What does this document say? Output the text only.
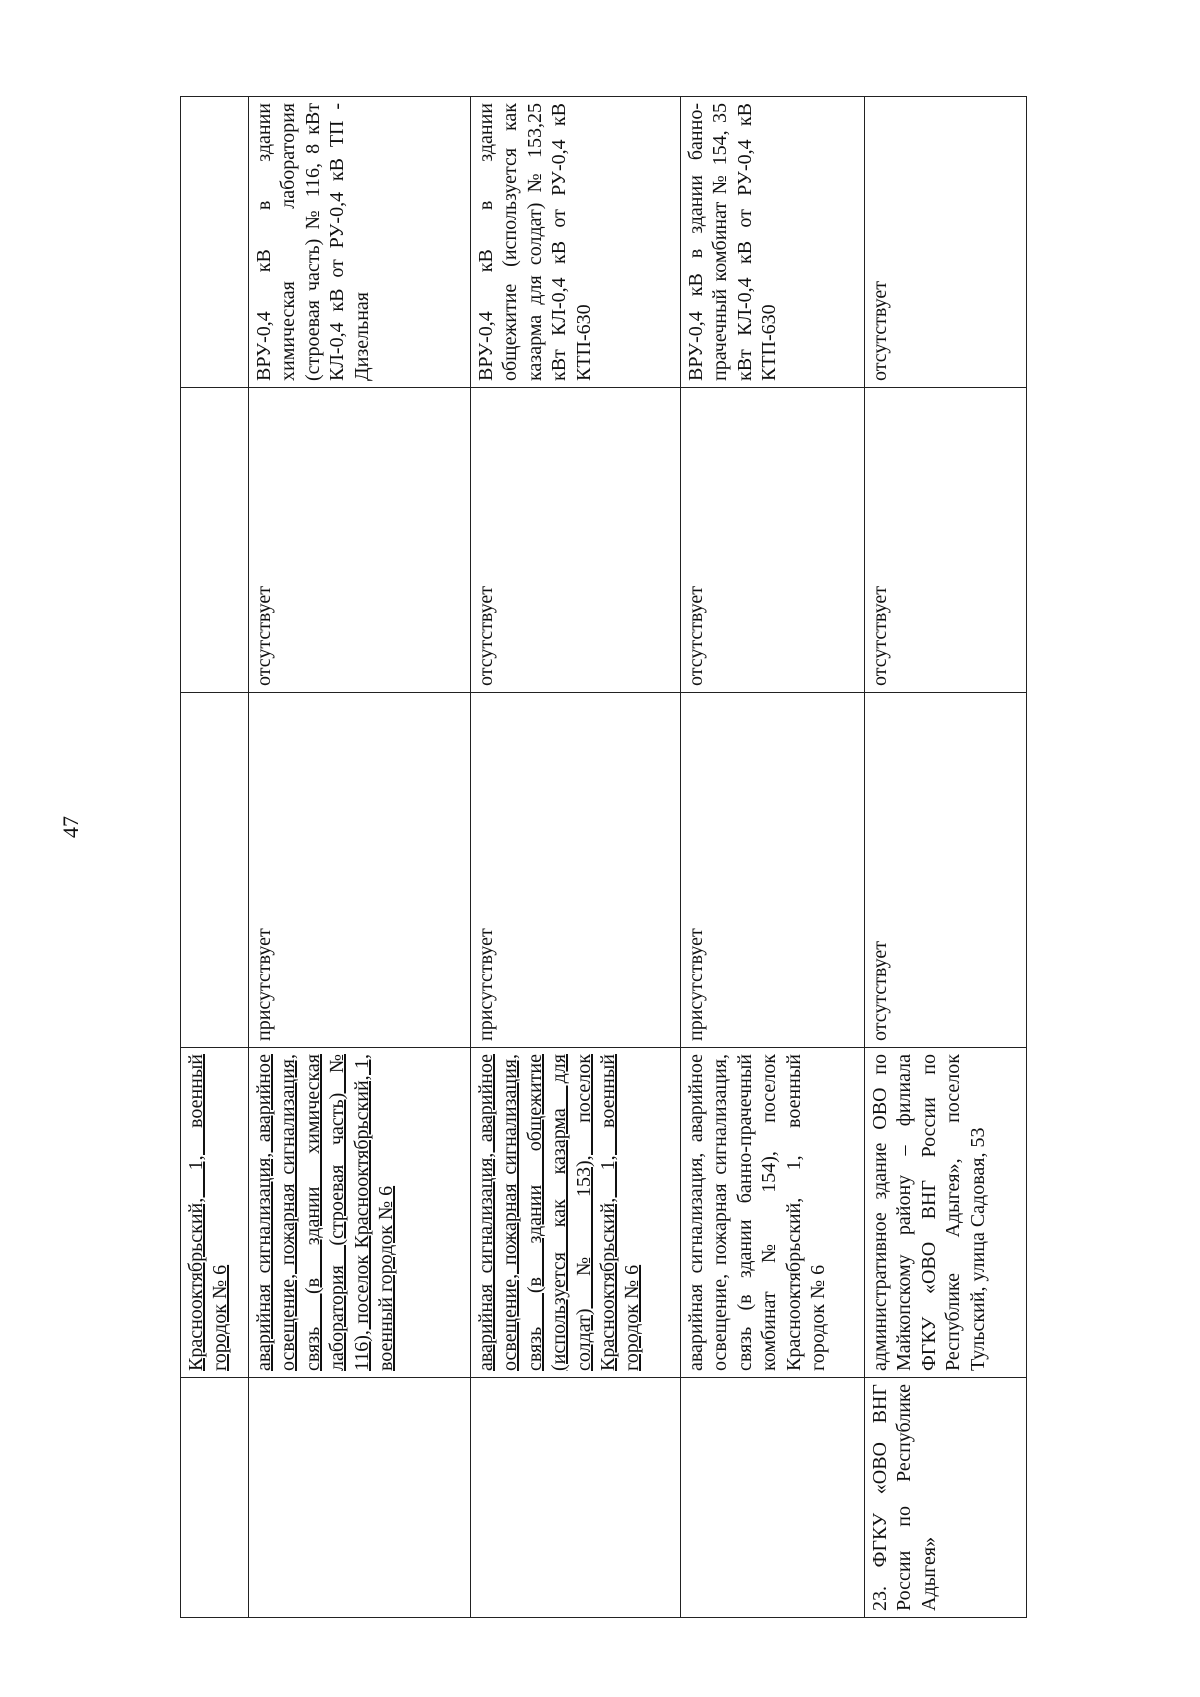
47
	Краснооктябрьский, 1, военный городок № 6			
	аварийная сигнализация, аварийное освещение, пожарная сигнализация, связь (в здании химическая лаборатория (строевая часть) № 116), поселок Краснооктябрьский, 1, военный городок № 6	присутствует	отсутствует	ВРУ-0,4 кВ в здании химическая лаборатория (строевая часть) № 116, 8 кВт КЛ-0,4 кВ от РУ-0,4 кВ ТП - Дизельная
	аварийная сигнализация, аварийное освещение, пожарная сигнализация, связь (в здании общежитие (используется как казарма для солдат) № 153), поселок Краснооктябрьский, 1, военный городок № 6	присутствует	отсутствует	ВРУ-0,4 кВ в здании общежитие (используется как казарма для солдат) № 153,25 кВт КЛ-0,4 кВ от РУ-0,4 кВ КТП-630
	аварийная сигнализация, аварийное освещение, пожарная сигнализация, связь (в здании банно-прачечный комбинат № 154), поселок Краснооктябрьский, 1, военный городок № 6	присутствует	отсутствует	ВРУ-0,4 кВ в здании банно-прачечный комбинат № 154, 35 кВт КЛ-0,4 кВ от РУ-0,4 кВ КТП-630
23. ФГКУ «ОВО ВНГ России по Республике Адыгея»	административное здание ОВО по Майкопскому району – филиала ФГКУ «ОВО ВНГ России по Республике Адыгея», поселок Тульский, улица Садовая, 53	отсутствует	отсутствует	отсутствует
